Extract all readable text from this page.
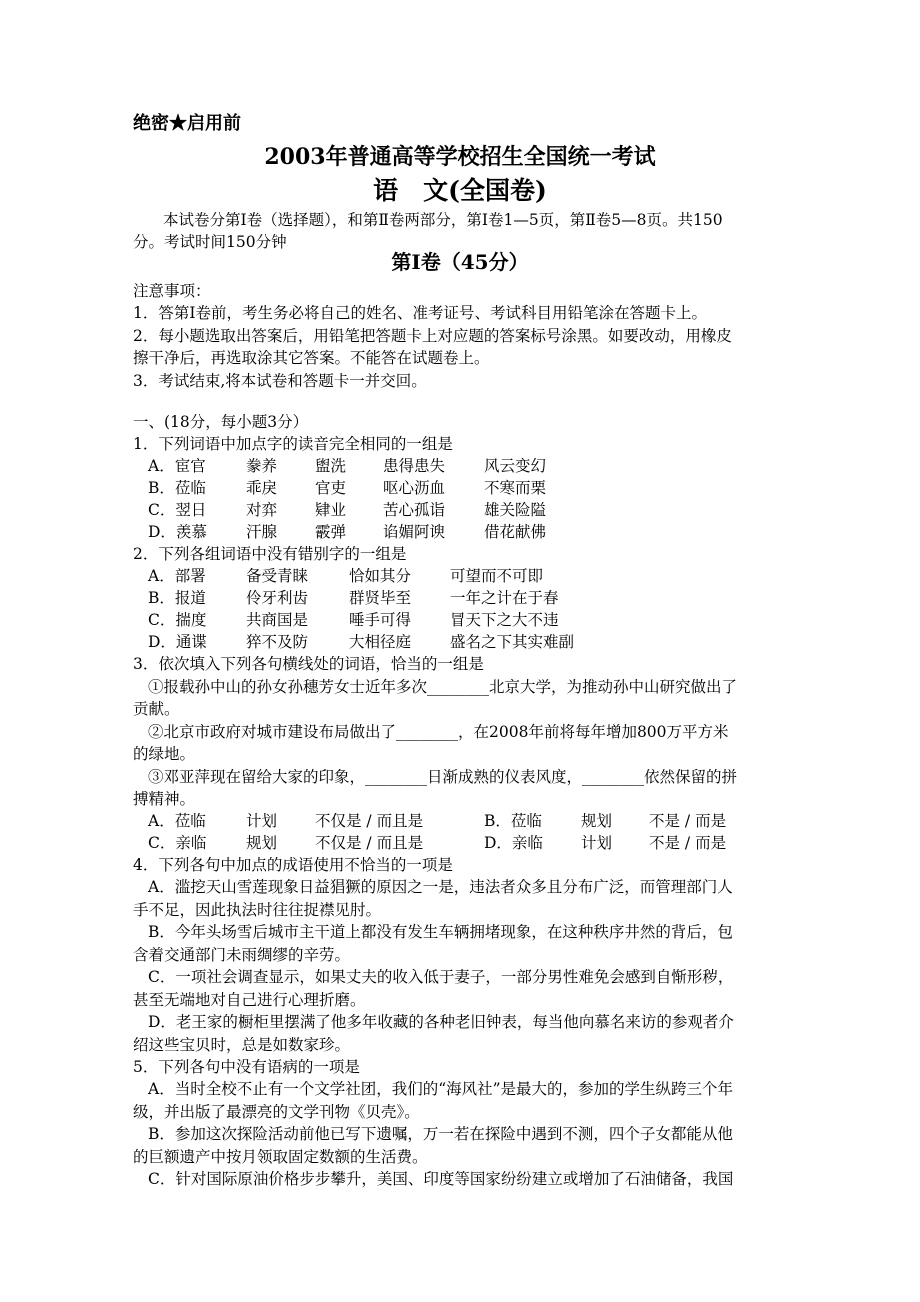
绝密★启用前
2003年普通高等学校招生全国统一考试
语　文(全国卷)
本试卷分第Ⅰ卷（选择题），和第Ⅱ卷两部分，第Ⅰ卷1—5页，第Ⅱ卷5—8页。共150
分。考试时间150分钟
第Ⅰ卷（45分）
注意事项：
1．答第Ⅰ卷前，考生务必将自己的姓名、准考证号、考试科目用铅笔涂在答题卡上。
2．每小题选取出答案后，用铅笔把答题卡上对应题的答案标号涂黑。如要改动，用橡皮
擦干净后，再选取涂其它答案。不能答在试题卷上。
3．考试结束,将本试卷和答题卡一并交回。
一、(18分，每小题3分）
1．下列词语中加点字的读音完全相同的一组是
A．宦官	豢养 盥洗 患得患失	风云变幻
B．莅临	乖戾 官吏 呕心沥血	不寒而栗
C．翌日	对弈 肄业 苦心孤诣	雄关险隘
D．羡慕	汗腺 霰弹 谄媚阿谀	借花献佛
2．下列各组词语中没有错别字的一组是
A．部署	备受青睐	恰如其分	可望而不可即
B．报道	伶牙利齿	群贤毕至	一年之计在于春
C．揣度	共商国是	唾手可得	冒天下之大不违
D．通谍	猝不及防	大相径庭	盛名之下其实难副
3．依次填入下列各句横线处的词语，恰当的一组是
①报载孙中山的孙女孙穗芳女士近年多次________北京大学，为推动孙中山研究做出了
贡献。
②北京市政府对城市建设布局做出了________，在2008年前将每年增加800万平方米
的绿地。
③邓亚萍现在留给大家的印象，________日渐成熟的仪表风度，________依然保留的拼
搏精神。
A．莅临	计划 不仅是 / 而且是	B．莅临	规划 不是 / 而是
C．亲临	规划 不仅是 / 而且是	D．亲临 计划 不是 / 而是
4．下列各句中加点的成语使用不恰当的一项是
A．滥挖天山雪莲现象日益猖獗的原因之一是，违法者众多且分布广泛，而管理部门人
手不足，因此执法时往往捉襟见肘。
B．今年头场雪后城市主干道上都没有发生车辆拥堵现象，在这种秩序井然的背后，包
含着交通部门未雨绸缪的辛劳。
C．一项社会调查显示，如果丈夫的收入低于妻子，一部分男性难免会感到自惭形秽，
甚至无端地对自己进行心理折磨。
D．老王家的橱柜里摆满了他多年收藏的各种老旧钟表，每当他向慕名来访的参观者介
绍这些宝贝时，总是如数家珍。
5．下列各句中没有语病的一项是
A．当时全校不止有一个文学社团，我们的“海风社”是最大的，参加的学生纵跨三个年
级，并出版了最漂亮的文学刊物《贝壳》。
B．参加这次探险活动前他已写下遗嘱，万一若在探险中遇到不测，四个子女都能从他
的巨额遗产中按月领取固定数额的生活费。
C．针对国际原油价格步步攀升，美国、印度等国家纷纷建立或增加了石油储备，我国
